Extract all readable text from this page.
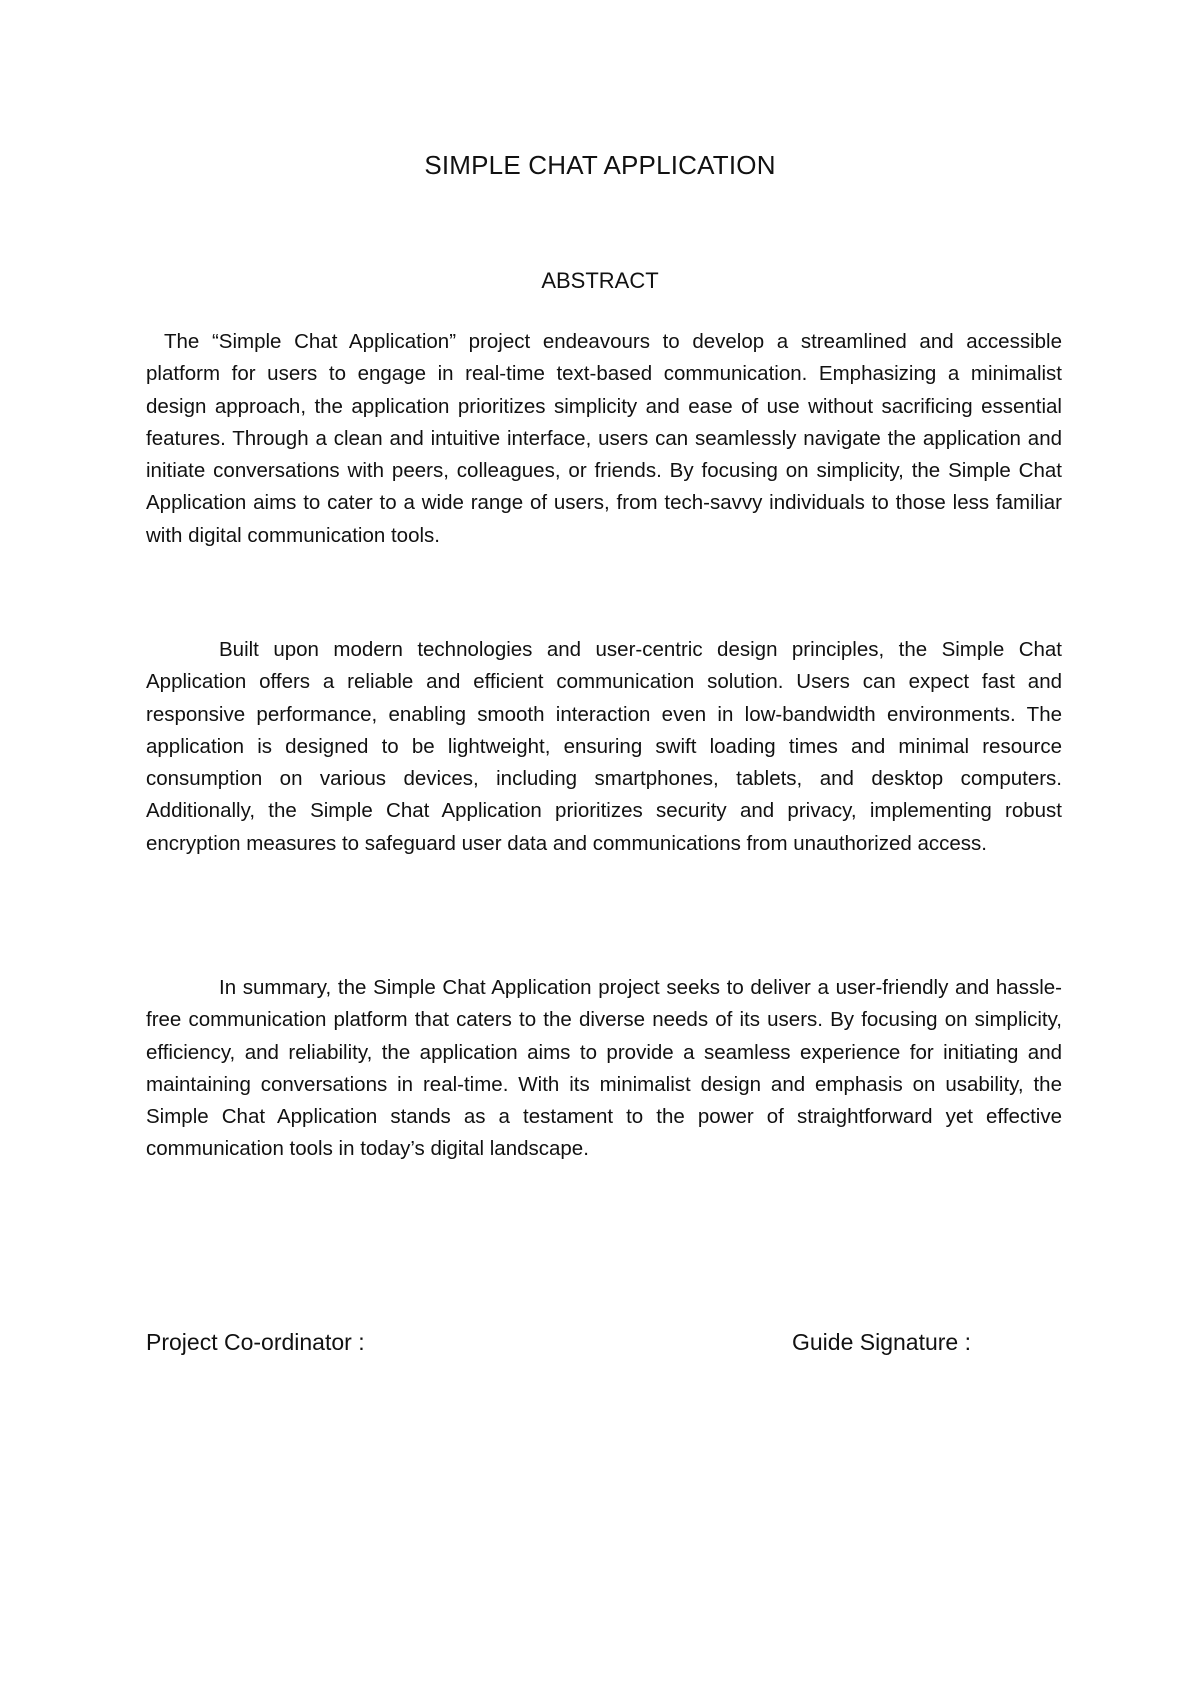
SIMPLE CHAT APPLICATION
ABSTRACT

The “Simple Chat Application” project endeavours to develop a streamlined and accessible platform for users to engage in real-time text-based communication. Emphasizing a minimalist design approach, the application prioritizes simplicity and ease of use without sacrificing essential features. Through a clean and intuitive interface, users can seamlessly navigate the application and initiate conversations with peers, colleagues, or friends. By focusing on simplicity, the Simple Chat Application aims to cater to a wide range of users, from tech-savvy individuals to those less familiar with digital communication tools.

Built upon modern technologies and user-centric design principles, the Simple Chat Application offers a reliable and efficient communication solution. Users can expect fast and responsive performance, enabling smooth interaction even in low-bandwidth environments. The application is designed to be lightweight, ensuring swift loading times and minimal resource consumption on various devices, including smartphones, tablets, and desktop computers. Additionally, the Simple Chat Application prioritizes security and privacy, implementing robust encryption measures to safeguard user data and communications from unauthorized access.

In summary, the Simple Chat Application project seeks to deliver a user-friendly and hassle-free communication platform that caters to the diverse needs of its users. By focusing on simplicity, efficiency, and reliability, the application aims to provide a seamless experience for initiating and maintaining conversations in real-time. With its minimalist design and emphasis on usability, the Simple Chat Application stands as a testament to the power of straightforward yet effective communication tools in today’s digital landscape.

Project Co-ordinator :	Guide Signature :
